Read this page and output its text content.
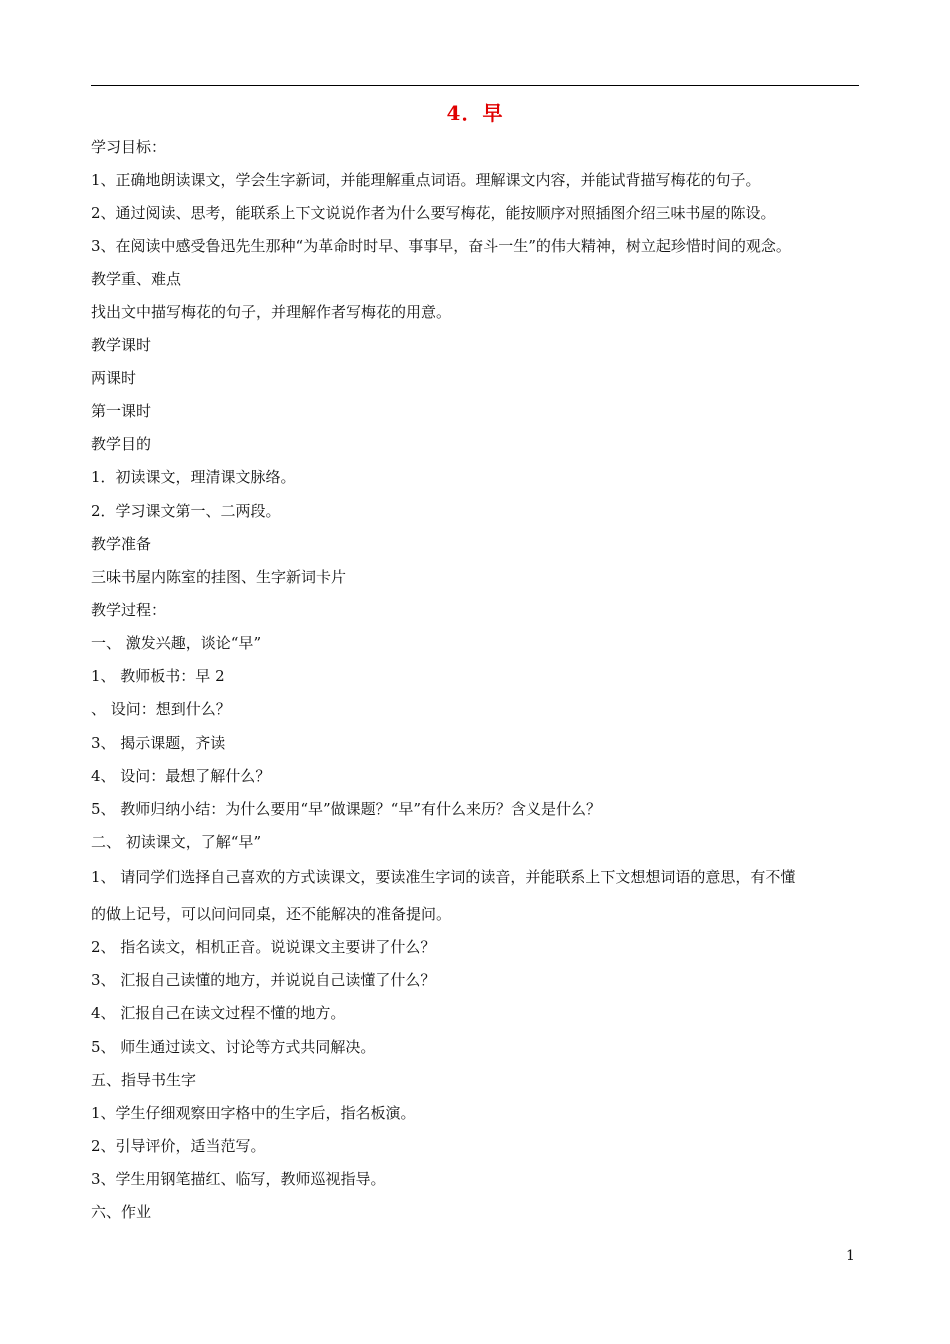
4．早
学习目标：
1、正确地朗读课文，学会生字新词，并能理解重点词语。理解课文内容，并能试背描写梅花的句子。
2、通过阅读、思考，能联系上下文说说作者为什么要写梅花，能按顺序对照插图介绍三味书屋的陈设。
3、在阅读中感受鲁迅先生那种“为革命时时早、事事早，奋斗一生”的伟大精神，树立起珍惜时间的观念。
教学重、难点
找出文中描写梅花的句子，并理解作者写梅花的用意。
教学课时
两课时
第一课时
教学目的
1．初读课文，理清课文脉络。
2．学习课文第一、二两段。
教学准备
三味书屋内陈室的挂图、生字新词卡片
教学过程：
一、 激发兴趣，谈论“早”
1、 教师板书：早 2
、 设问：想到什么？
3、 揭示课题，齐读
4、 设问：最想了解什么？
5、 教师归纳小结：为什么要用“早”做课题？“早”有什么来历？含义是什么？
二、 初读课文，了解“早”
1、 请同学们选择自己喜欢的方式读课文，要读准生字词的读音，并能联系上下文想想词语的意思，有不懂
的做上记号，可以问问同桌，还不能解决的准备提问。
2、 指名读文，相机正音。说说课文主要讲了什么？
3、 汇报自己读懂的地方，并说说自己读懂了什么？
4、 汇报自己在读文过程不懂的地方。
5、 师生通过读文、讨论等方式共同解决。
五、指导书生字
1、学生仔细观察田字格中的生字后，指名板演。
2、引导评价，适当范写。
3、学生用钢笔描红、临写，教师巡视指导。
六、作业
1
